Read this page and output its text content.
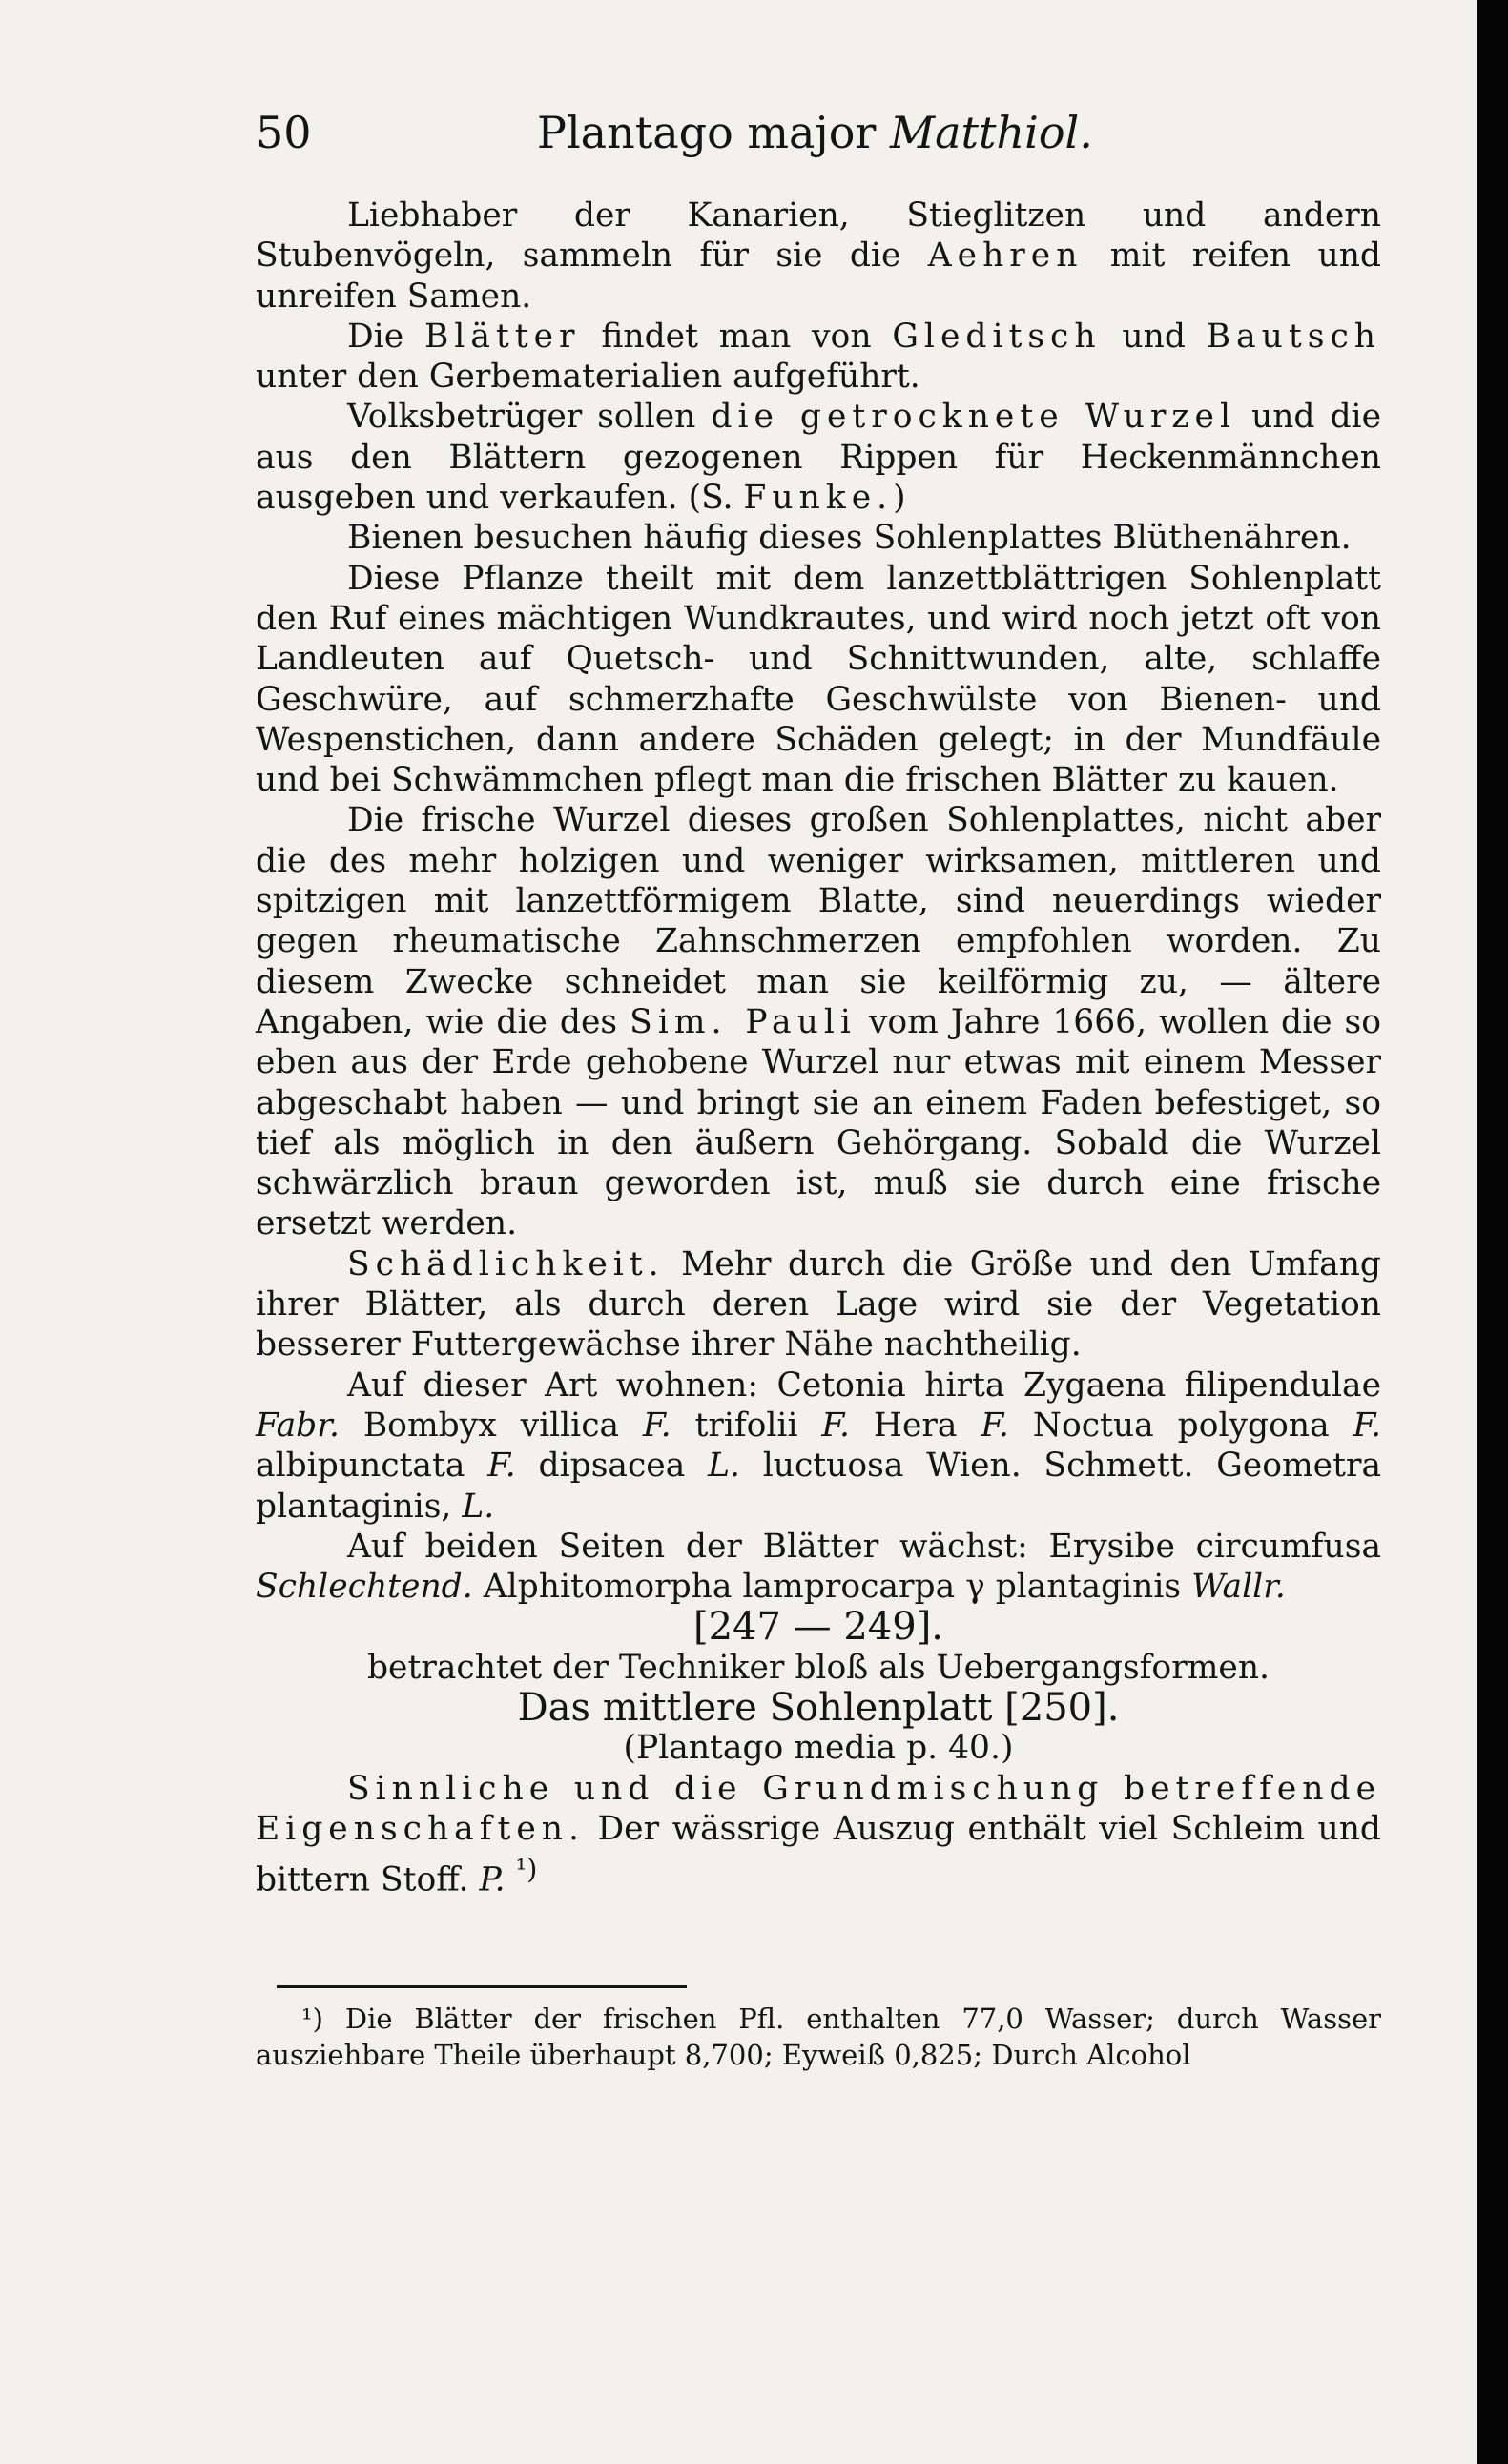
50	Plantago major Matthiol.

Liebhaber der Kanarien, Stieglitzen und andern Stubenvögeln, sammeln für sie die Aehren mit reifen und unreifen Samen.

Die Blätter findet man von Gleditsch und Bautsch unter den Gerbematerialien aufgeführt.

Volksbetrüger sollen die getrocknete Wurzel und die aus den Blättern gezogenen Rippen für Heckenmännchen ausgeben und verkaufen. (S. Funke.)

Bienen besuchen häufig dieses Sohlenplattes Blüthenähren.

Diese Pflanze theilt mit dem lanzettblättrigen Sohlenplatt den Ruf eines mächtigen Wundkrautes, und wird noch jetzt oft von Landleuten auf Quetsch- und Schnittwunden, alte, schlaffe Geschwüre, auf schmerzhafte Geschwülste von Bienen- und Wespenstichen, dann andere Schäden gelegt; in der Mundfäule und bei Schwämmchen pflegt man die frischen Blätter zu kauen.

Die frische Wurzel dieses großen Sohlenplattes, nicht aber die des mehr holzigen und weniger wirksamen, mittleren und spitzigen mit lanzettförmigem Blatte, sind neuerdings wieder gegen rheumatische Zahnschmerzen empfohlen worden. Zu diesem Zwecke schneidet man sie keilförmig zu, — ältere Angaben, wie die des Sim. Pauli vom Jahre 1666, wollen die so eben aus der Erde gehobene Wurzel nur etwas mit einem Messer abgeschabt haben — und bringt sie an einem Faden befestiget, so tief als möglich in den äußern Gehörgang. Sobald die Wurzel schwärzlich braun geworden ist, muß sie durch eine frische ersetzt werden.

Schädlichkeit. Mehr durch die Größe und den Umfang ihrer Blätter, als durch deren Lage wird sie der Vegetation besserer Futtergewächse ihrer Nähe nachtheilig.

Auf dieser Art wohnen: Cetonia hirta Zygaena filipendulae Fabr. Bombyx villica F. trifolii F. Hera F. Noctua polygona F. albipunctata F. dipsacea L. luctuosa Wien. Schmett. Geometra plantaginis, L.

Auf beiden Seiten der Blätter wächst: Erysibe circumfusa Schlechtend. Alphitomorpha lamprocarpa γ plantaginis Wallr.

[247 — 249].

betrachtet der Techniker bloß als Uebergangsformen.

Das mittlere Sohlenplatt [250].

(Plantago media p. 40.)

Sinnliche und die Grundmischung betreffende Eigenschaften. Der wässrige Auszug enthält viel Schleim und bittern Stoff. P. $^{^1)}$

¹) Die Blätter der frischen Pfl. enthalten 77,0 Wasser; durch Wasser ausziehbare Theile überhaupt 8,700; Eyweiß 0,825; Durch Alcohol
